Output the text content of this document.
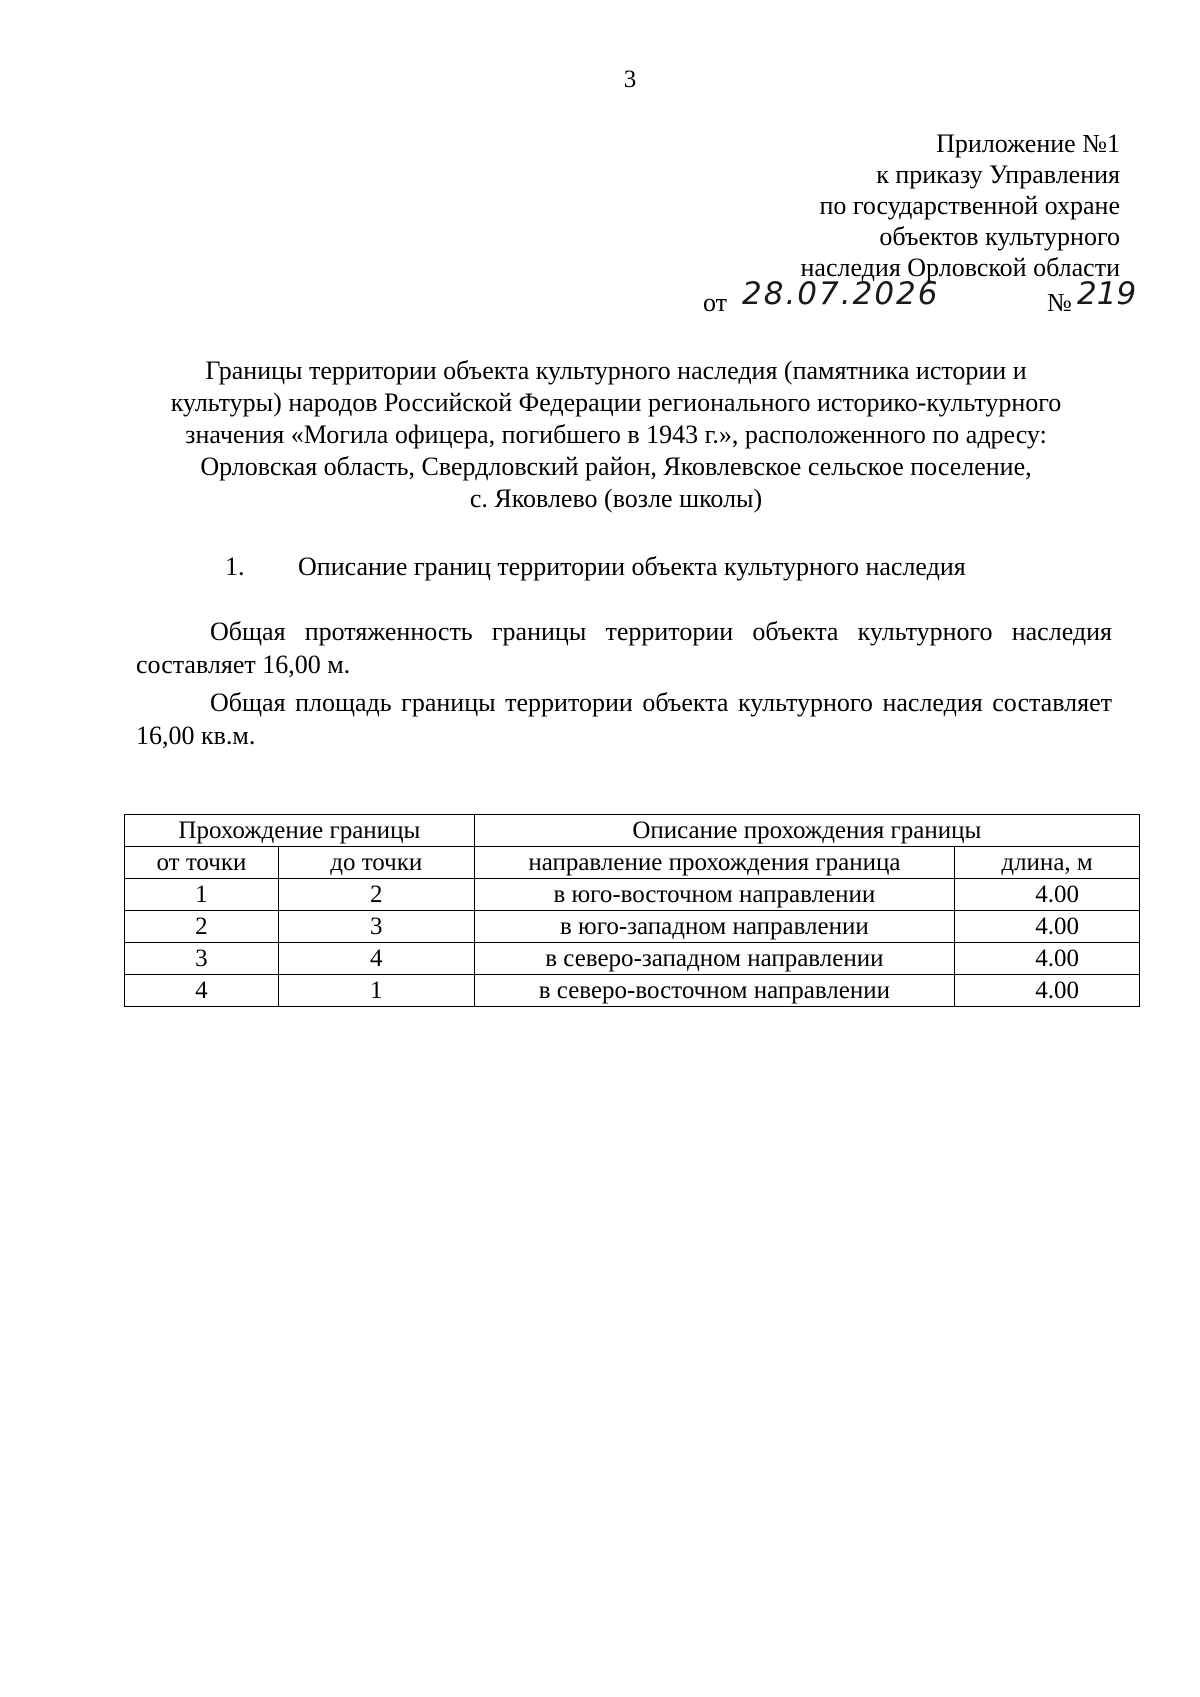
3
Приложение №1
к приказу Управления
по государственной охране
объектов культурного
наследия Орловской области
от 28.07.2026	№ 219
Границы территории объекта культурного наследия (памятника истории и
культуры) народов Российской Федерации регионального историко-культурного
значения «Могила офицера, погибшего в 1943 г.», расположенного по адресу:
Орловская область, Свердловский район, Яковлевское сельское поселение,
с. Яковлево (возле школы)
1. Описание границ территории объекта культурного наследия
Общая протяженность границы территории объекта культурного наследия составляет 16,00 м.
Общая площадь границы территории объекта культурного наследия составляет 16,00 кв.м.
Прохождение границы		Описание прохождения границы	
от точки	до точки	направление прохождения граница	длина, м
1	2	в юго-восточном направлении	4.00
2	3	в юго-западном направлении	4.00
3	4	в северо-западном направлении	4.00
4	1	в северо-восточном направлении	4.00
